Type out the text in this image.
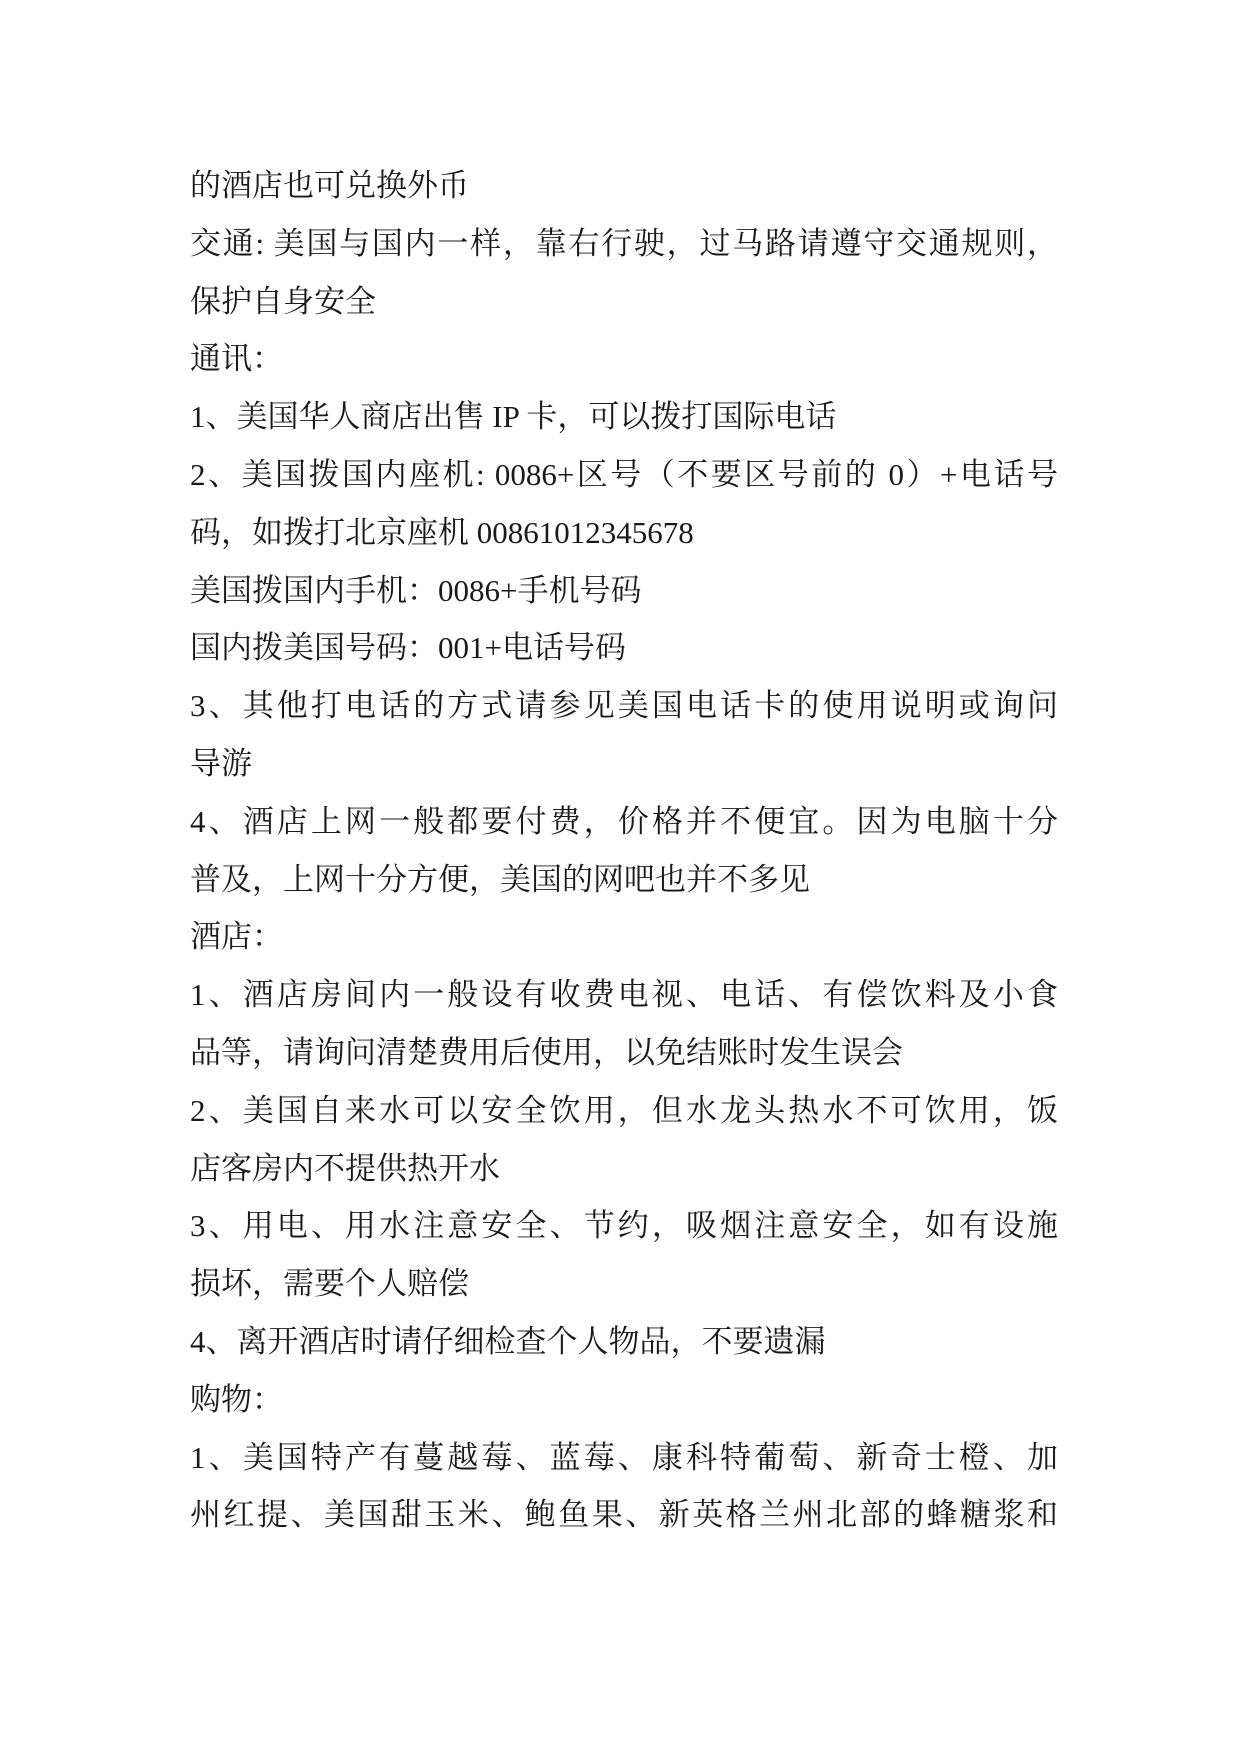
的酒店也可兑换外币
交通: 美国与国内一样，靠右行驶，过马路请遵守交通规则，
保护自身安全
通讯：
1、美国华人商店出售 IP 卡，可以拨打国际电话
2、美国拨国内座机: 0086+区号（不要区号前的 0）+电话号
码，如拨打北京座机 00861012345678
美国拨国内手机：0086+手机号码
国内拨美国号码：001+电话号码
3、其他打电话的方式请参见美国电话卡的使用说明或询问
导游
4、酒店上网一般都要付费，价格并不便宜。因为电脑十分
普及，上网十分方便，美国的网吧也并不多见
酒店：
1、酒店房间内一般设有收费电视、电话、有偿饮料及小食
品等，请询问清楚费用后使用，以免结账时发生误会
2、美国自来水可以安全饮用，但水龙头热水不可饮用，饭
店客房内不提供热开水
3、用电、用水注意安全、节约，吸烟注意安全，如有设施
损坏，需要个人赔偿
4、离开酒店时请仔细检查个人物品，不要遗漏
购物：
1、美国特产有蔓越莓、蓝莓、康科特葡萄、新奇士橙、加
州红提、美国甜玉米、鲍鱼果、新英格兰州北部的蜂糖浆和
